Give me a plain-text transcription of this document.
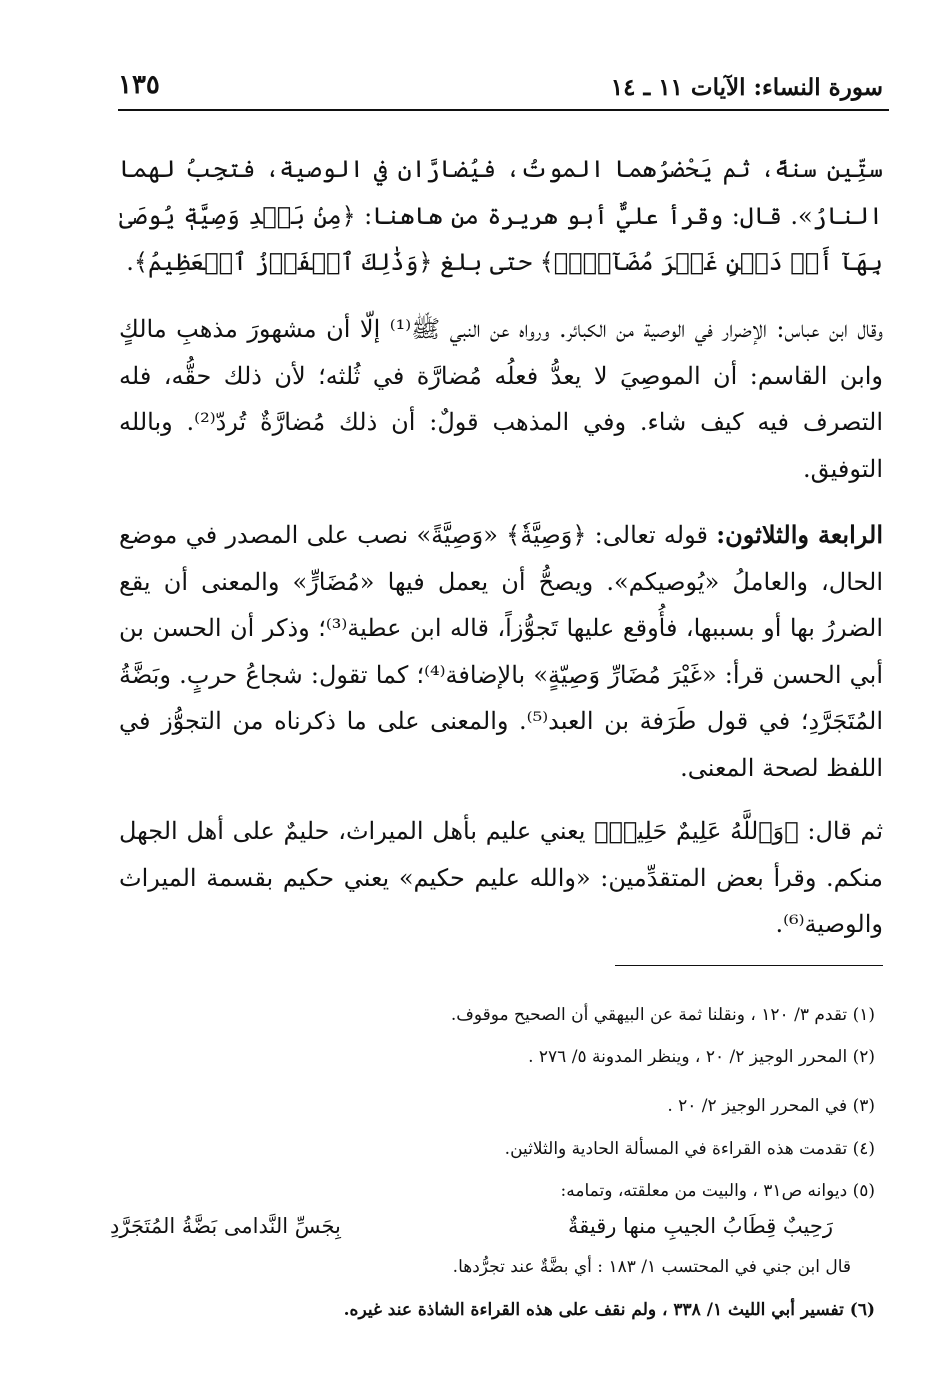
سورة النساء: الآيات ١١ ـ ١٤
١٣٥

ستِّين سنةً، ثم يَحْضرُهما الموتُ، فيُضارَّان في الوصية، فتجِبُ لهما النارُ». قال: وقرأ عليٌّ أبو هريرة من هاهنا: ﴿مِنۢ بَعۡدِ وَصِيَّةٖ يُوصَىٰ بِهَآ أَوۡ دَيۡنٍ غَيۡرَ مُضَآرّٖۚ﴾ حتى بلغ ﴿وَذَٰلِكَ ٱلۡفَوۡزُ ٱلۡعَظِيمُ﴾.

وقال ابن عباس: الإضرار في الوصية من الكبائر. ورواه عن النبي ﷺ⁽¹⁾ إلّا أن مشهورَ مذهبِ مالكٍ وابن القاسم: أن الموصِيَ لا يعدُّ فعلُه مُضارَّة في ثُلثه؛ لأن ذلك حقُّه، فله التصرف فيه كيف شاء. وفي المذهب قولٌ: أن ذلك مُضارَّةٌ تُردّ⁽²⁾. وبالله التوفيق.

الرابعة والثلاثون: قوله تعالى: ﴿وَصِيَّةٗ﴾ «وَصِيَّةً» نصب على المصدر في موضع الحال، والعاملُ «يُوصيكم». ويصحُّ أن يعمل فيها «مُضَارٍّ» والمعنى أن يقع الضررُ بها أو بسببها، فأُوقع عليها تَجوُّزاً، قاله ابن عطية⁽³⁾؛ وذكر أن الحسن بن أبي الحسن قرأ: «غَيْرَ مُضَارِّ وَصِيّةٍ» بالإضافة⁽⁴⁾؛ كما تقول: شجاعُ حربٍ. وبَضَّةُ المُتَجَرَّدِ؛ في قول طَرَفة بن العبد⁽⁵⁾. والمعنى على ما ذكرناه من التجوُّز في اللفظ لصحة المعنى.

ثم قال: ﴿وَٱللَّهُ عَلِيمٌ حَلِيمٞ﴾ يعني عليم بأهل الميراث، حليمٌ على أهل الجهل منكم. وقرأ بعض المتقدِّمين: «والله عليم حكيم» يعني حكيم بقسمة الميراث والوصية⁽⁶⁾.

(١) تقدم ٣/ ١٢٠ ، ونقلنا ثمة عن البيهقي أن الصحيح موقوف.

(٢) المحرر الوجيز ٢/ ٢٠ ، وينظر المدونة ٥/ ٢٧٦ .

(٣) في المحرر الوجيز ٢/ ٢٠ .

(٤) تقدمت هذه القراءة في المسألة الحادية والثلاثين.

(٥) ديوانه ص٣١ ، والبيت من معلقته، وتمامه:

رَحِيبٌ قِطَابُ الجيبِ منها رقيقةٌ
بِجَسِّ النَّدامى بَضَّةُ المُتَجَرَّدِ

قال ابن جني في المحتسب ١/ ١٨٣ : أي بضَّةٌ عند تجرُّدها.

(٦) تفسير أبي الليث ١/ ٣٣٨ ، ولم نقف على هذه القراءة الشاذة عند غيره.
